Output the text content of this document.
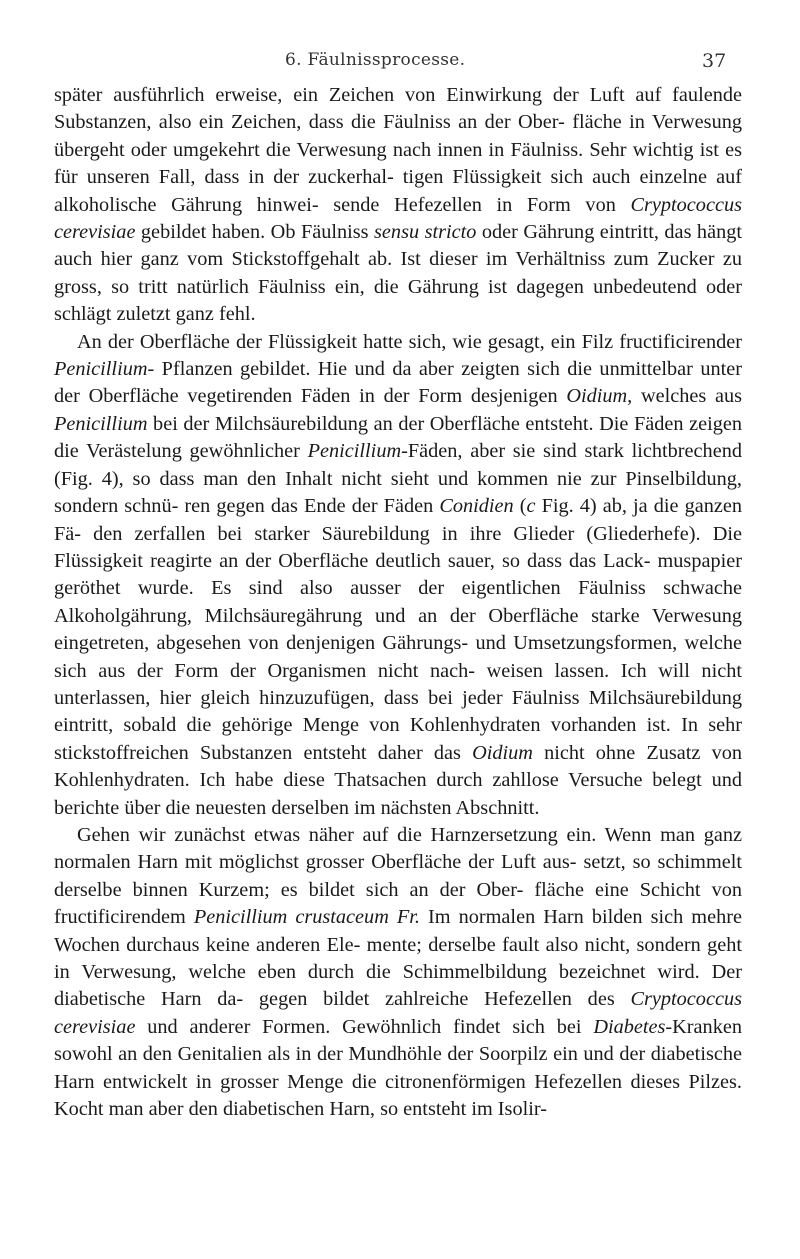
6. Fäulnissprocesse.	37

später ausführlich erweise, ein Zeichen von Einwirkung der Luft auf faulende Substanzen, also ein Zeichen, dass die Fäulniss an der Ober- fläche in Verwesung übergeht oder umgekehrt die Verwesung nach innen in Fäulniss. Sehr wichtig ist es für unseren Fall, dass in der zuckerhal- tigen Flüssigkeit sich auch einzelne auf alkoholische Gährung hinwei- sende Hefezellen in Form von Cryptococcus cerevisiae gebildet haben. Ob Fäulniss sensu stricto oder Gährung eintritt, das hängt auch hier ganz vom Stickstoffgehalt ab. Ist dieser im Verhältniss zum Zucker zu gross, so tritt natürlich Fäulniss ein, die Gährung ist dagegen unbedeutend oder schlägt zuletzt ganz fehl.

An der Oberfläche der Flüssigkeit hatte sich, wie gesagt, ein Filz fructificirender Penicillium- Pflanzen gebildet. Hie und da aber zeigten sich die unmittelbar unter der Oberfläche vegetirenden Fäden in der Form desjenigen Oidium, welches aus Penicillium bei der Milchsäurebildung an der Oberfläche entsteht. Die Fäden zeigen die Verästelung gewöhnlicher Penicillium-Fäden, aber sie sind stark lichtbrechend (Fig. 4), so dass man den Inhalt nicht sieht und kommen nie zur Pinselbildung, sondern schnü- ren gegen das Ende der Fäden Conidien (c Fig. 4) ab, ja die ganzen Fä- den zerfallen bei starker Säurebildung in ihre Glieder (Gliederhefe). Die Flüssigkeit reagirte an der Oberfläche deutlich sauer, so dass das Lack- muspapier geröthet wurde. Es sind also ausser der eigentlichen Fäulniss schwache Alkoholgährung, Milchsäuregährung und an der Oberfläche starke Verwesung eingetreten, abgesehen von denjenigen Gährungs- und Umsetzungsformen, welche sich aus der Form der Organismen nicht nach- weisen lassen. Ich will nicht unterlassen, hier gleich hinzuzufügen, dass bei jeder Fäulniss Milchsäurebildung eintritt, sobald die gehörige Menge von Kohlenhydraten vorhanden ist. In sehr stickstoffreichen Substanzen entsteht daher das Oidium nicht ohne Zusatz von Kohlenhydraten. Ich habe diese Thatsachen durch zahllose Versuche belegt und berichte über die neuesten derselben im nächsten Abschnitt.

Gehen wir zunächst etwas näher auf die Harnzersetzung ein. Wenn man ganz normalen Harn mit möglichst grosser Oberfläche der Luft aus- setzt, so schimmelt derselbe binnen Kurzem; es bildet sich an der Ober- fläche eine Schicht von fructificirendem Penicillium crustaceum Fr. Im normalen Harn bilden sich mehre Wochen durchaus keine anderen Ele- mente; derselbe fault also nicht, sondern geht in Verwesung, welche eben durch die Schimmelbildung bezeichnet wird. Der diabetische Harn da- gegen bildet zahlreiche Hefezellen des Cryptococcus cerevisiae und anderer Formen. Gewöhnlich findet sich bei Diabetes-Kranken sowohl an den Genitalien als in der Mundhöhle der Soorpilz ein und der diabetische Harn entwickelt in grosser Menge die citronenförmigen Hefezellen dieses Pilzes. Kocht man aber den diabetischen Harn, so entsteht im Isolir-
